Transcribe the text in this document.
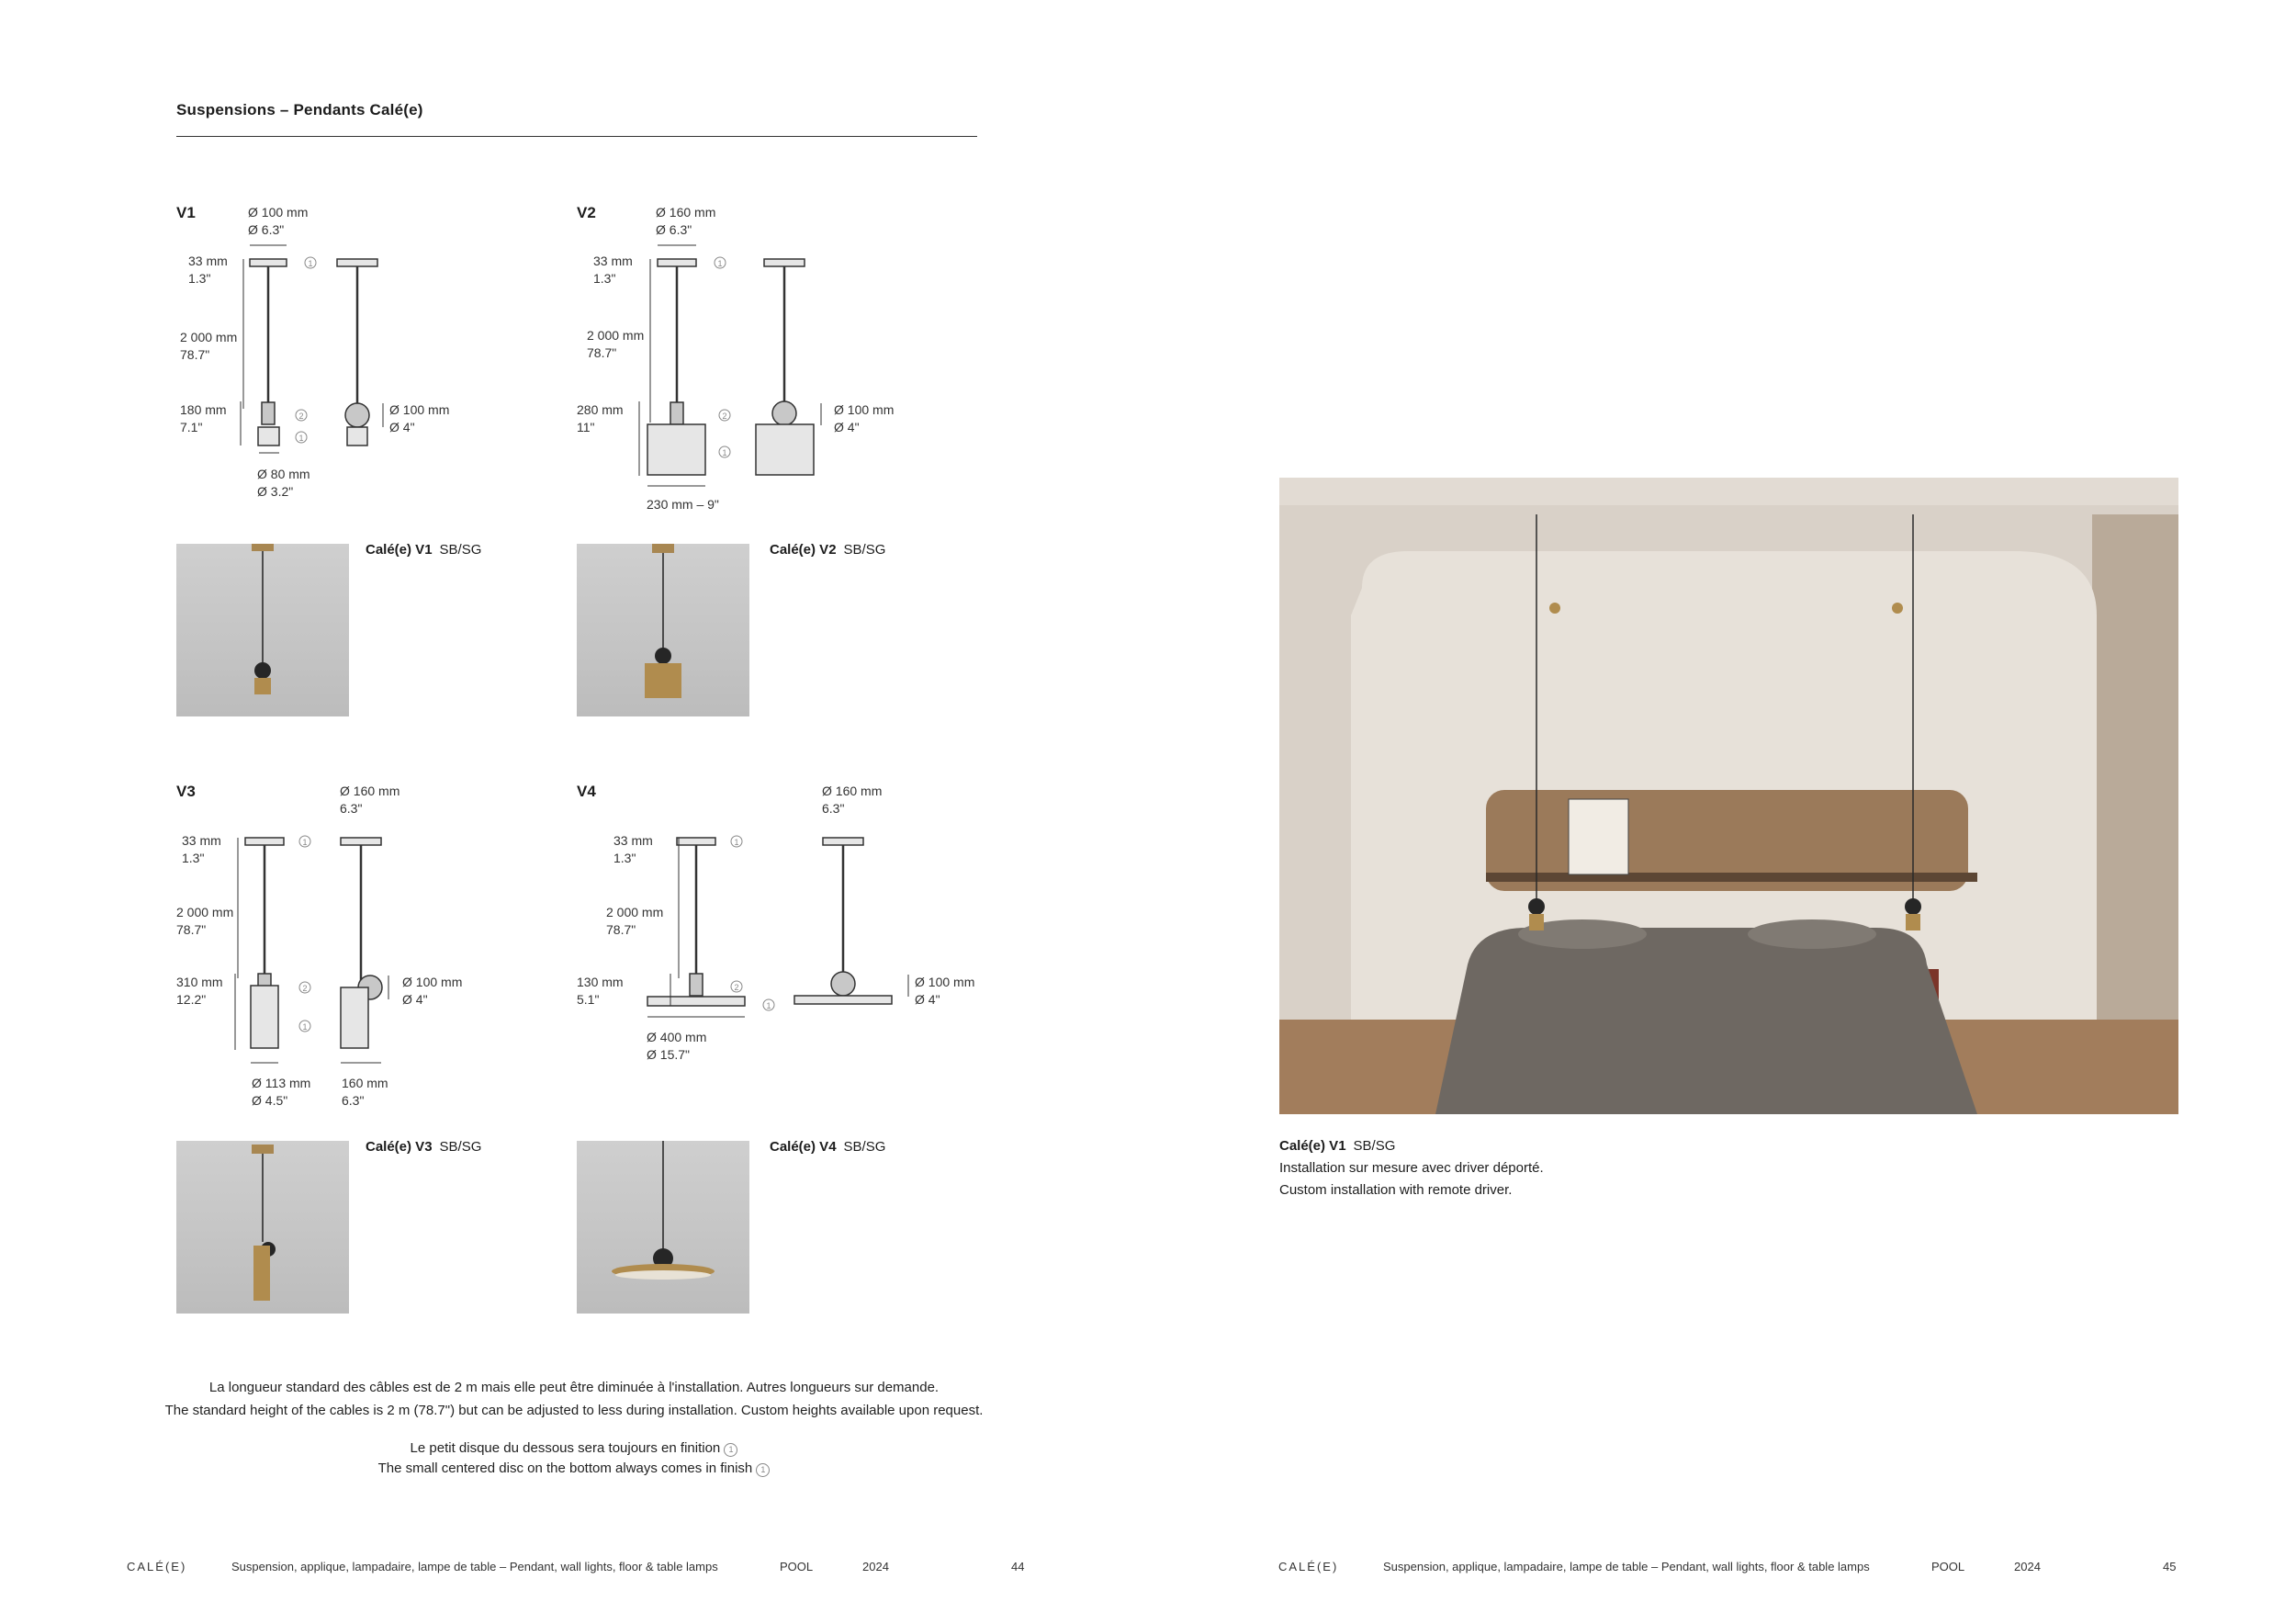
Suspensions – Pendants Calé(e)
V1	Ø 100 mm
Ø 6.3"
33 mm
1.3"
2 000 mm
78.7"
180 mm
7.1"
Ø 100 mm
Ø 4"
Ø 80 mm
Ø 3.2"
1
2
1
Calé(e) V1 SB/SG
V2	Ø 160 mm
Ø 6.3"
33 mm
1.3"
2 000 mm
78.7"
280 mm
11"
Ø 100 mm
Ø 4"
230 mm – 9"
1
2
1
Calé(e) V2 SB/SG
V3	Ø 160 mm
6.3"
33 mm
1.3"
2 000 mm
78.7"
310 mm
12.2"
Ø 100 mm
Ø 4"
Ø 113 mm
Ø 4.5"
160 mm
6.3"
1
2
1
Calé(e) V3 SB/SG
V4	Ø 160 mm
6.3"
33 mm
1.3"
2 000 mm
78.7"
130 mm
5.1"
Ø 100 mm
Ø 4"
Ø 400 mm
Ø 15.7"
1
2
1
Calé(e) V4 SB/SG
La longueur standard des câbles est de 2 m mais elle peut être diminuée à l'installation. Autres longueurs sur demande.
The standard height of the cables is 2 m (78.7") but can be adjusted to less during installation. Custom heights available upon request.
Le petit disque du dessous sera toujours en finition 1
The small centered disc on the bottom always comes in finish 1
CALÉ(E)	Suspension, applique, lampadaire, lampe de table – Pendant, wall lights, floor & table lamps	POOL	2024	44
Calé(e) V1 SB/SG
Installation sur mesure avec driver déporté.
Custom installation with remote driver.
CALÉ(E)	Suspension, applique, lampadaire, lampe de table – Pendant, wall lights, floor & table lamps	POOL	2024	45
